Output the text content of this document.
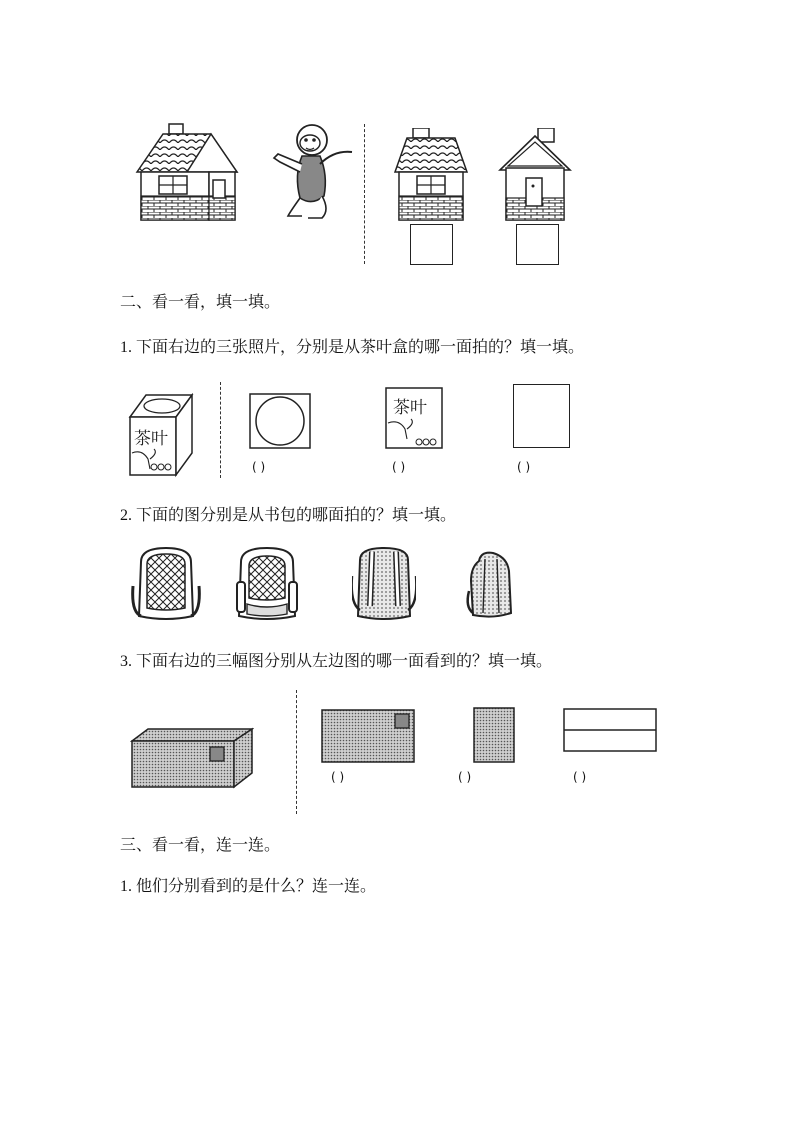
二、看一看，填一填。
1. 下面右边的三张照片，分别是从茶叶盒的哪一面拍的？填一填。
茶叶
茶叶
( )	( )	( )
2. 下面的图分别是从书包的哪面拍的？填一填。
3. 下面右边的三幅图分别从左边图的哪一面看到的？填一填。
( )	( )	( )
三、看一看，连一连。
1. 他们分别看到的是什么？连一连。
